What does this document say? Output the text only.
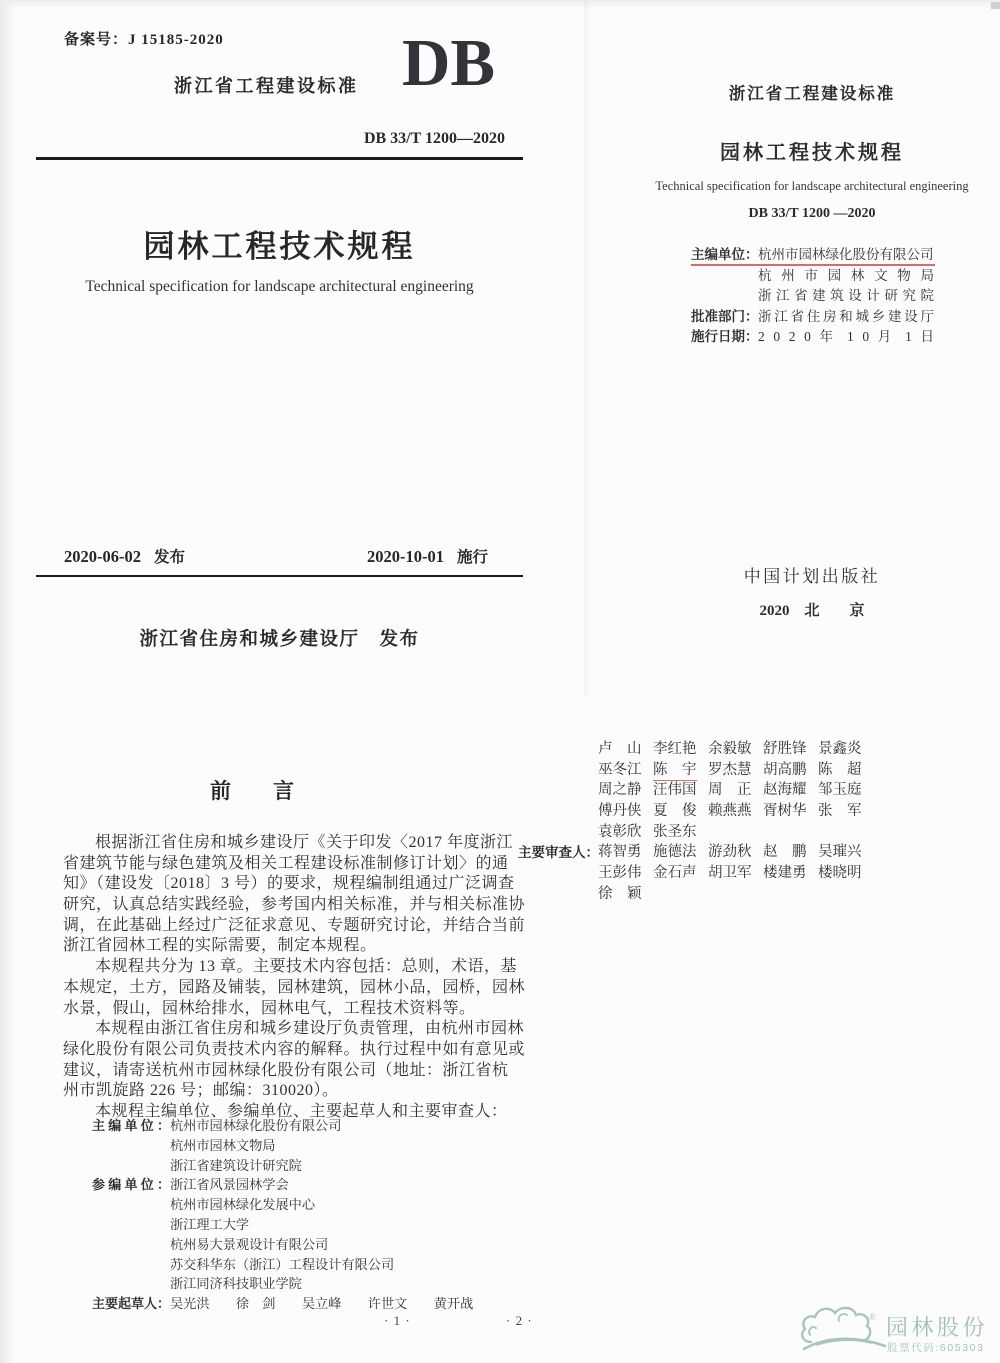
备案号：J 15185-2020
浙江省工程建设标准 DB
DB 33/T 1200—2020
园林工程技术规程
Technical specification for landscape architectural engineering
2020-06-02 发布	2020-10-01 施行
浙江省住房和城乡建设厅　发布
浙江省工程建设标准
园林工程技术规程
Technical specification for landscape architectural engineering
DB 33/T 1200 —2020
主编单位：杭州市园林绿化股份有限公司
杭 州 市 园 林 文 物 局
浙 江 省 建 筑 设 计 研 究 院
批准部门：浙江省住房和城乡建设厅
施行日期：2 0 2 0 年 1 0 月 1 日
中国计划出版社
2020　北　　京
前　　言
根据浙江省住房和城乡建设厅《关于印发〈2017 年度浙江
省建筑节能与绿色建筑及相关工程建设标准制修订计划〉的通
知》（建设发〔2018〕3 号）的要求，规程编制组通过广泛调查
研究，认真总结实践经验，参考国内相关标准，并与相关标准协
调，在此基础上经过广泛征求意见、专题研究讨论，并结合当前
浙江省园林工程的实际需要，制定本规程。
本规程共分为 13 章。主要技术内容包括：总则，术语，基
本规定，土方，园路及铺装，园林建筑，园林小品，园桥，园林
水景，假山，园林给排水，园林电气，工程技术资料等。
本规程由浙江省住房和城乡建设厅负责管理，由杭州市园林
绿化股份有限公司负责技术内容的解释。执行过程中如有意见或
建议，请寄送杭州市园林绿化股份有限公司（地址：浙江省杭
州市凯旋路 226 号；邮编：310020）。
本规程主编单位、参编单位、主要起草人和主要审查人：
主编单位：杭州市园林绿化股份有限公司
杭州市园林文物局
浙江省建筑设计研究院
参编单位：浙江省风景园林学会
杭州市园林绿化发展中心
浙江理工大学
杭州易大景观设计有限公司
苏交科华东（浙江）工程设计有限公司
浙江同济科技职业学院
主要起草人：吴光洪　　徐　剑　　吴立峰　　许世文　　黄开战
· 1 ·
卢　山 李红艳 余毅敏 舒胜锋 景鑫炎
巫冬江 陈　宇 罗杰慧 胡高鹏 陈　超
周之静 汪伟国 周　正 赵海耀 邹玉庭
傅丹侠 夏　俊 赖燕燕 胥树华 张　军
袁彰欣 张圣东
蒋智勇 施德法 游劲秋 赵　鹏 吴璀兴
王彭伟 金石声 胡卫军 楼建勇 楼晓明
徐　颖
主要审查人：
· 2 ·	® 园林股份
股票代码:605303
